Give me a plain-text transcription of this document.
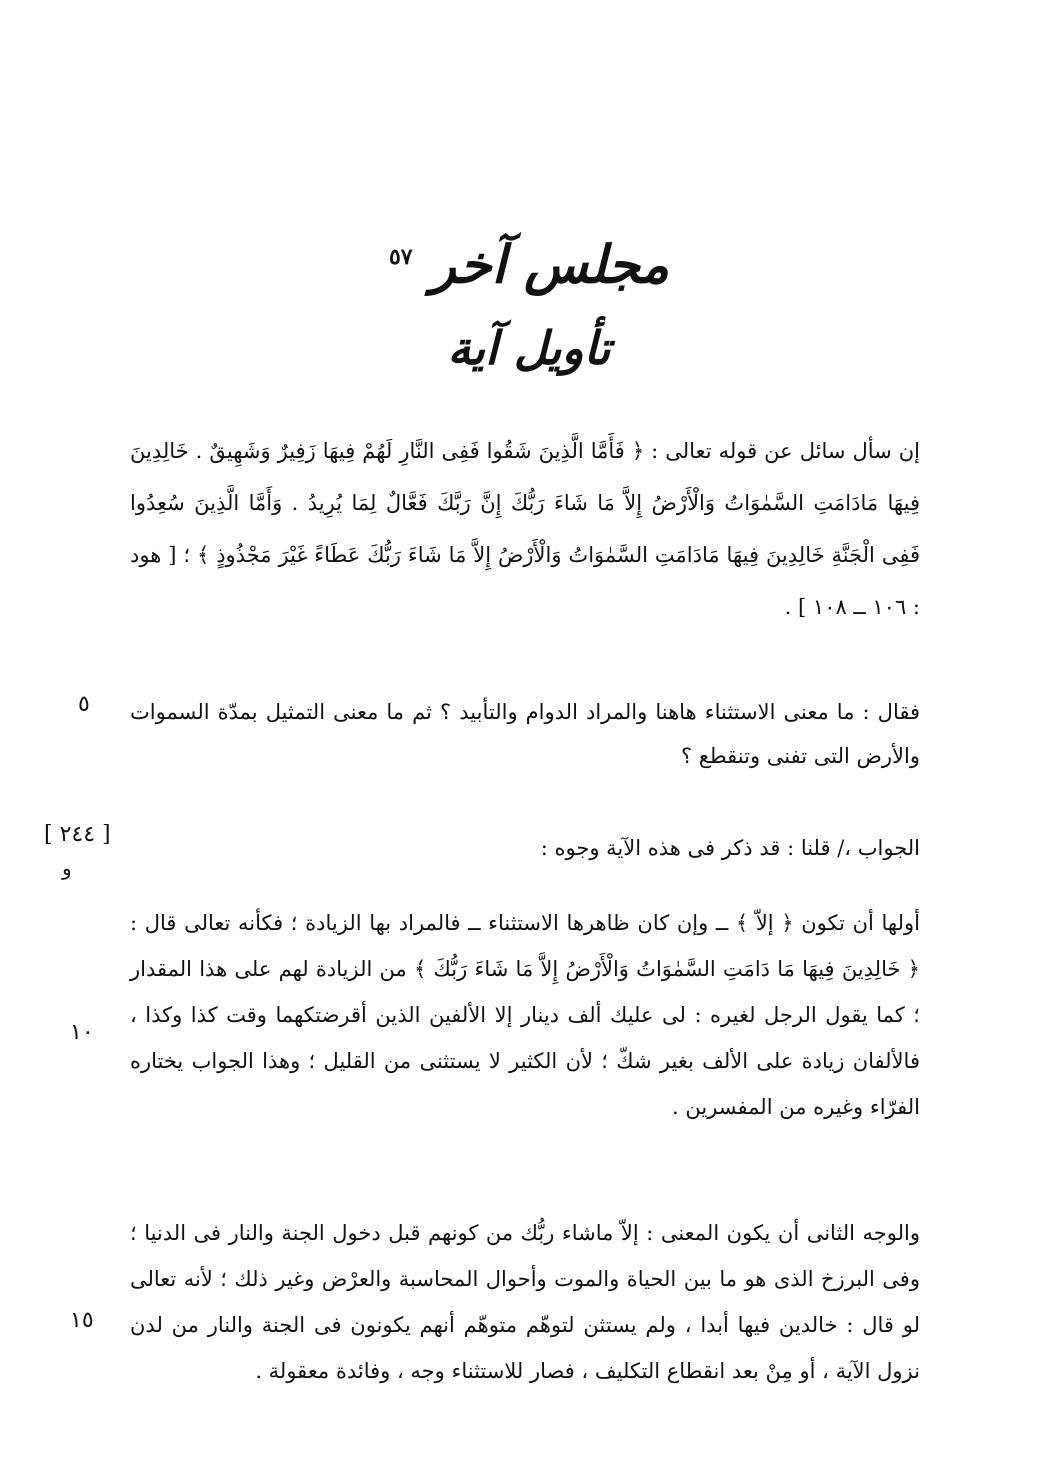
مجلس آخر $^{٥٧}$
تأويل آية

إن سأل سائل عن قوله تعالى : ﴿ فَأَمَّا الَّذِينَ شَقُوا فَفِى النَّارِ لَهُمْ فِيهَا زَفِيرٌ وَشَهِيقٌ . خَالِدِينَ فِيهَا مَادَامَتِ السَّمٰوَاتُ وَالْأَرْضُ إِلاَّ مَا شَاءَ رَبُّكَ إِنَّ رَبَّكَ فَعَّالٌ لِمَا يُرِيدُ . وَأَمَّا الَّذِينَ سُعِدُوا فَفِى الْجَنَّةِ خَالِدِينَ فِيهَا مَادَامَتِ السَّمٰوَاتُ وَالْأَرْضُ إِلاَّ مَا شَاءَ رَبُّكَ عَطَاءً غَيْرَ مَجْذُوذٍ ﴾ ؛ [ هود : ١٠٦ ــ ١٠٨ ] .

فقال : ما معنى الاستثناء هاهنا والمراد الدوام والتأبيد ؟ ثم ما معنى التمثيل بمدّة السموات والأرض التى تفنى وتنقطع ؟

الجواب ،/ قلنا : قد ذكر فى هذه الآية وجوه :

أولها أن تكون ﴿ إلاّ ﴾ ــ وإن كان ظاهرها الاستثناء ــ فالمراد بها الزيادة ؛ فكأنه تعالى قال : ﴿ خَالِدِينَ فِيهَا مَا دَامَتِ السَّمٰوَاتُ وَالْأَرْضُ إِلاَّ مَا شَاءَ رَبُّكَ ﴾ من الزيادة لهم على هذا المقدار ؛ كما يقول الرجل لغيره : لى عليك ألف دينار إلا الألفين الذين أقرضتكهما وقت كذا وكذا ، فالألفان زيادة على الألف بغير شكّ ؛ لأن الكثير لا يستثنى من القليل ؛ وهذا الجواب يختاره الفرّاء وغيره من المفسرين .

والوجه الثانى أن يكون المعنى : إلاّ ماشاء ربُّك من كونهم قبل دخول الجنة والنار فى الدنيا ؛ وفى البرزخ الذى هو ما بين الحياة والموت وأحوال المحاسبة والعرْض وغير ذلك ؛ لأنه تعالى لو قال : خالدين فيها أبدا ، ولم يستثن لتوهّم متوهّم أنهم يكونون فى الجنة والنار من لدن نزول الآية ، أو مِنْ بعد انقطاع التكليف ، فصار للاستثناء وجه ، وفائدة معقولة .

٥
١٠
١٥
[ ٢٤٤ ]
و
